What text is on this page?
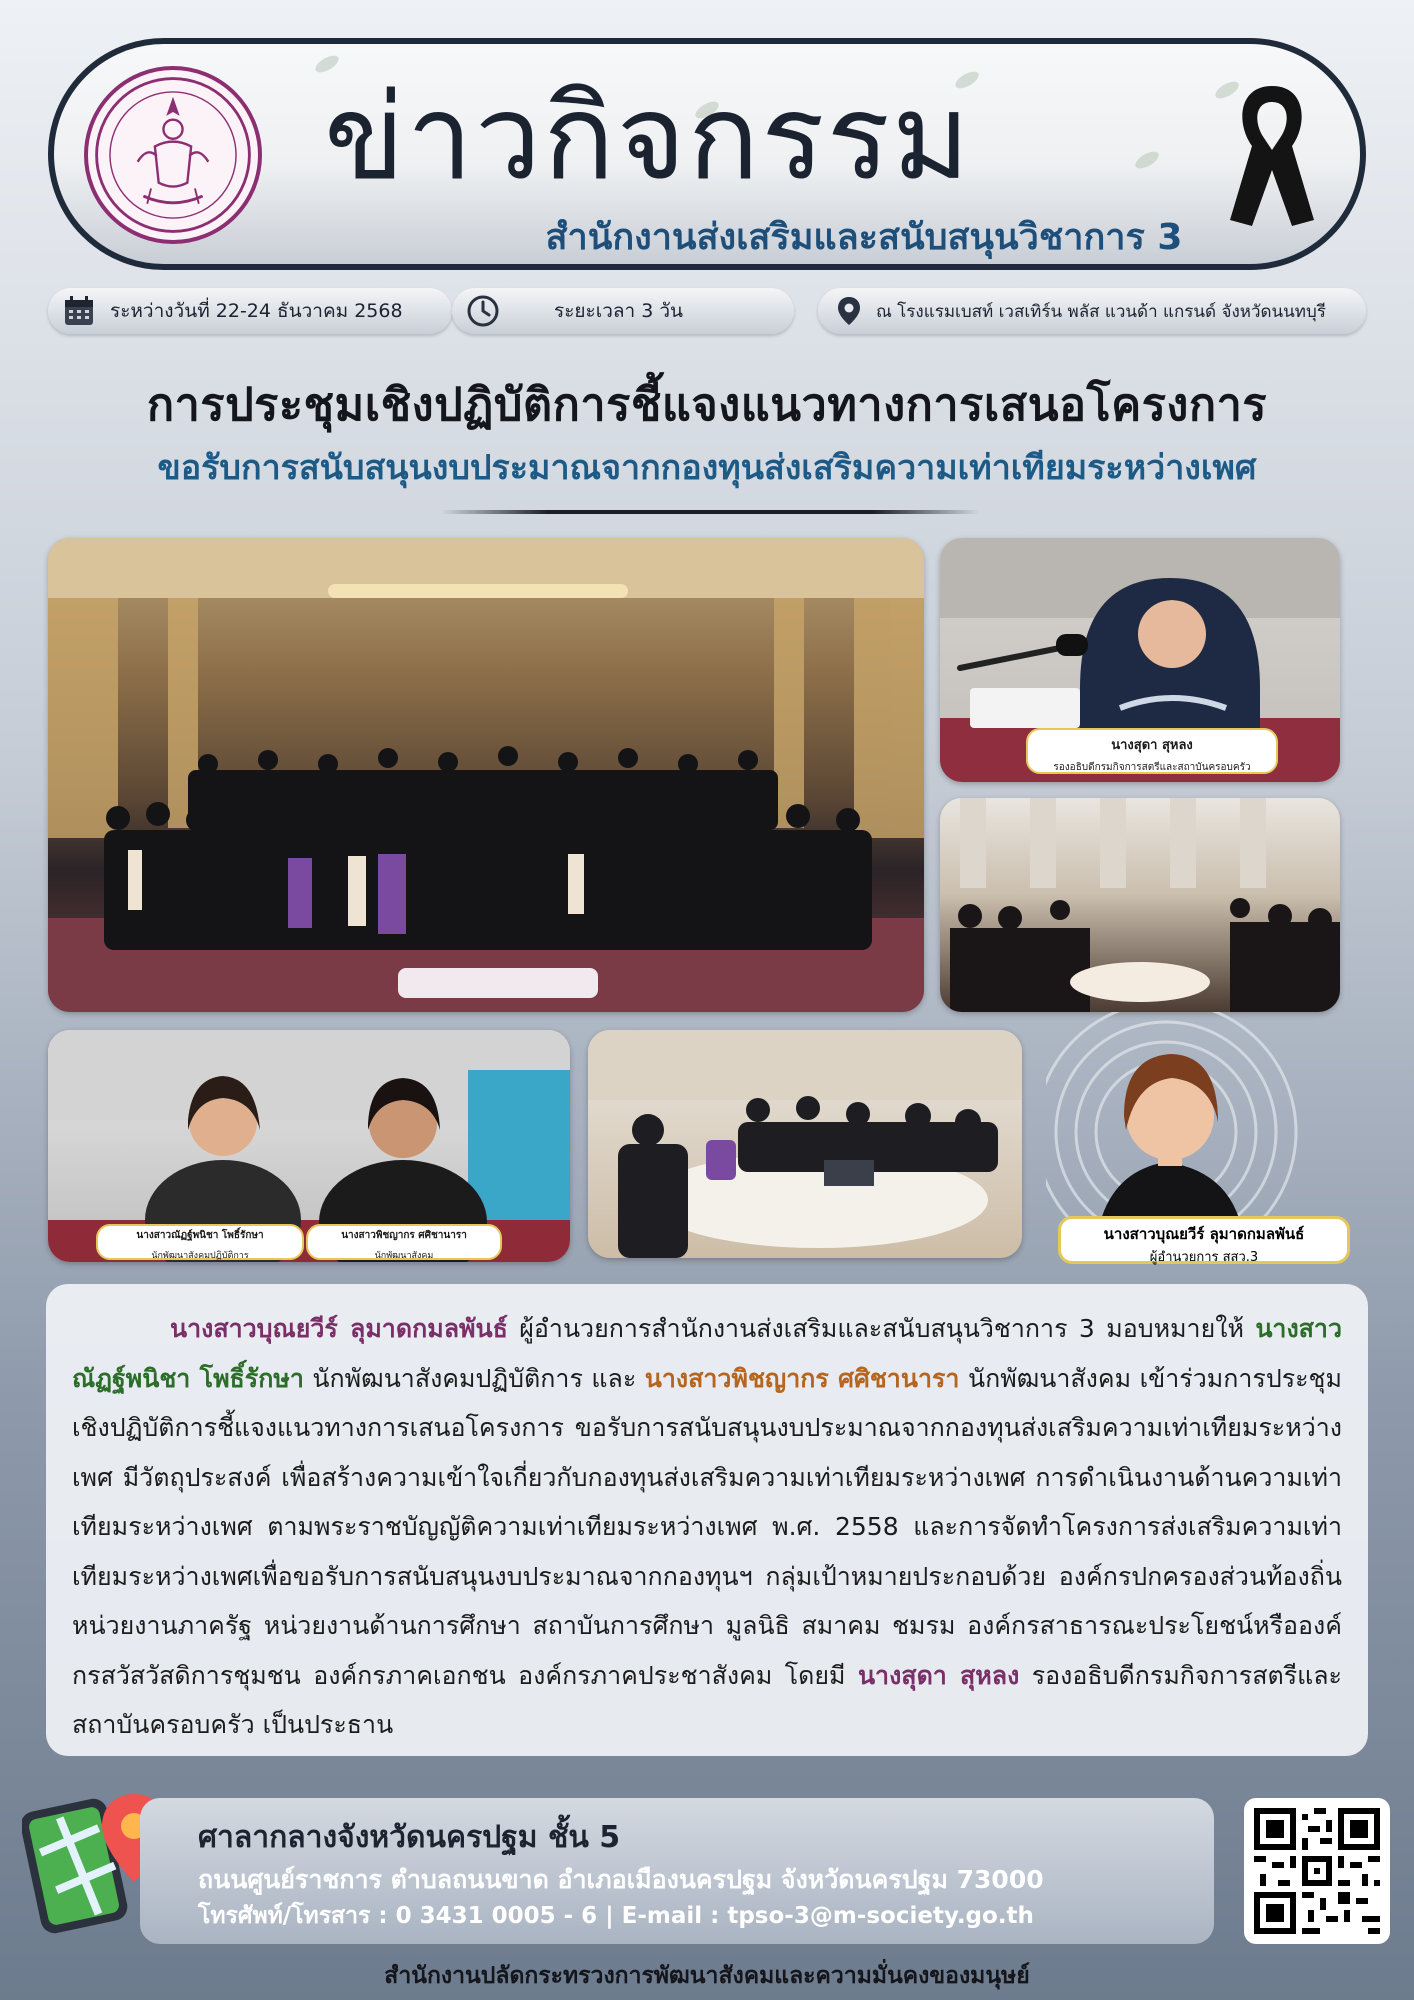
ข่าวกิจกรรม
สำนักงานส่งเสริมและสนับสนุนวิชาการ 3
ระหว่างวันที่ 22-24 ธันวาคม 2568	ระยะเวลา 3 วัน	ณ โรงแรมเบสท์ เวสเทิร์น พลัส แวนด้า แกรนด์ จังหวัดนนทบุรี
การประชุมเชิงปฏิบัติการชี้แจงแนวทางการเสนอโครงการ
ขอรับการสนับสนุนงบประมาณจากกองทุนส่งเสริมความเท่าเทียมระหว่างเพศ
นางสุดา สุหลง
รองอธิบดีกรมกิจการสตรีและสถาบันครอบครัว
นางสาวณัฏฐ์พนิชา โพธิ์รักษา
นักพัฒนาสังคมปฏิบัติการ
นางสาวพิชญากร ศศิชานารา
นักพัฒนาสังคม
นางสาวบุณยวีร์ ลุมาดกมลพันธ์
ผู้อำนวยการ สสว.3

นางสาวบุณยวีร์ ลุมาดกมลพันธ์ ผู้อำนวยการสำนักงานส่งเสริมและสนับสนุนวิชาการ 3 มอบหมายให้ นางสาวณัฏฐ์พนิชา โพธิ์รักษา นักพัฒนาสังคมปฏิบัติการ และ นางสาวพิชญากร ศศิชานารา นักพัฒนาสังคม เข้าร่วมการประชุมเชิงปฏิบัติการชี้แจงแนวทางการเสนอโครงการ ขอรับการสนับสนุนงบประมาณจากกองทุนส่งเสริมความเท่าเทียมระหว่างเพศ มีวัตถุประสงค์ เพื่อสร้างความเข้าใจเกี่ยวกับกองทุนส่งเสริมความเท่าเทียมระหว่างเพศ การดำเนินงานด้านความเท่าเทียมระหว่างเพศ ตามพระราชบัญญัติความเท่าเทียมระหว่างเพศ พ.ศ. 2558 และการจัดทำโครงการส่งเสริมความเท่าเทียมระหว่างเพศเพื่อขอรับการสนับสนุนงบประมาณจากกองทุนฯ กลุ่มเป้าหมายประกอบด้วย องค์กรปกครองส่วนท้องถิ่น หน่วยงานภาครัฐ หน่วยงานด้านการศึกษา สถาบันการศึกษา มูลนิธิ สมาคม ชมรม องค์กรสาธารณะประโยชน์หรือองค์กรสวัสวัสดิการชุมชน องค์กรภาคเอกชน องค์กรภาคประชาสังคม โดยมี นางสุดา สุหลง รองอธิบดีกรมกิจการสตรีและสถาบันครอบครัว เป็นประธาน

ศาลากลางจังหวัดนครปฐม ชั้น 5
ถนนศูนย์ราชการ ตำบลถนนขาด อำเภอเมืองนครปฐม จังหวัดนครปฐม 73000
โทรศัพท์/โทรสาร : 0 3431 0005 - 6 | E-mail : tpso-3@m-society.go.th
สำนักงานปลัดกระทรวงการพัฒนาสังคมและความมั่นคงของมนุษย์
